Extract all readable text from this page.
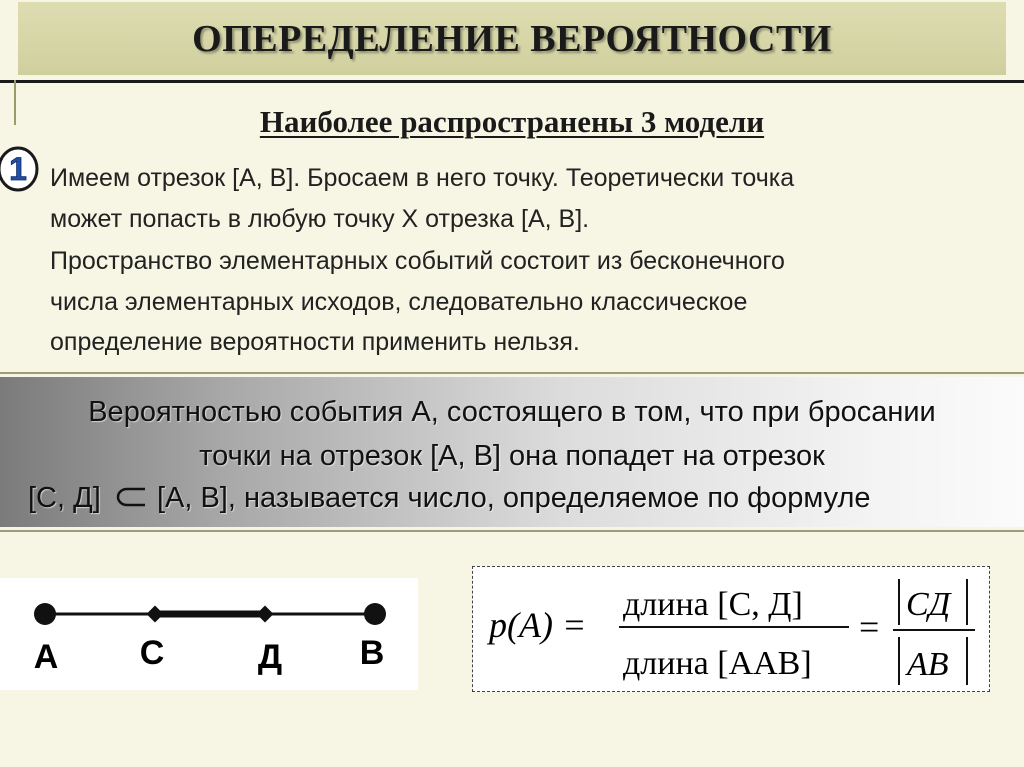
ОПЕРЕДЕЛЕНИЕ ВЕРОЯТНОСТИ
Наиболее распространены 3 модели
1 Имеем отрезок [А, В]. Бросаем в него точку. Теоретически точка
может попасть в любую точку Х отрезка [А, В].
Пространство элементарных событий состоит из бесконечного
числа элементарных исходов, следовательно классическое
определение вероятности применить нельзя.
Вероятностью события А, состоящего в том, что при бросании
точки на отрезок [А, В] она попадет на отрезок
[С, Д] [А, В], называется число, определяемое по формуле
А С	Д В
p(A) =
длина [С, Д]
длина [ААВ]
=
СД
AB
